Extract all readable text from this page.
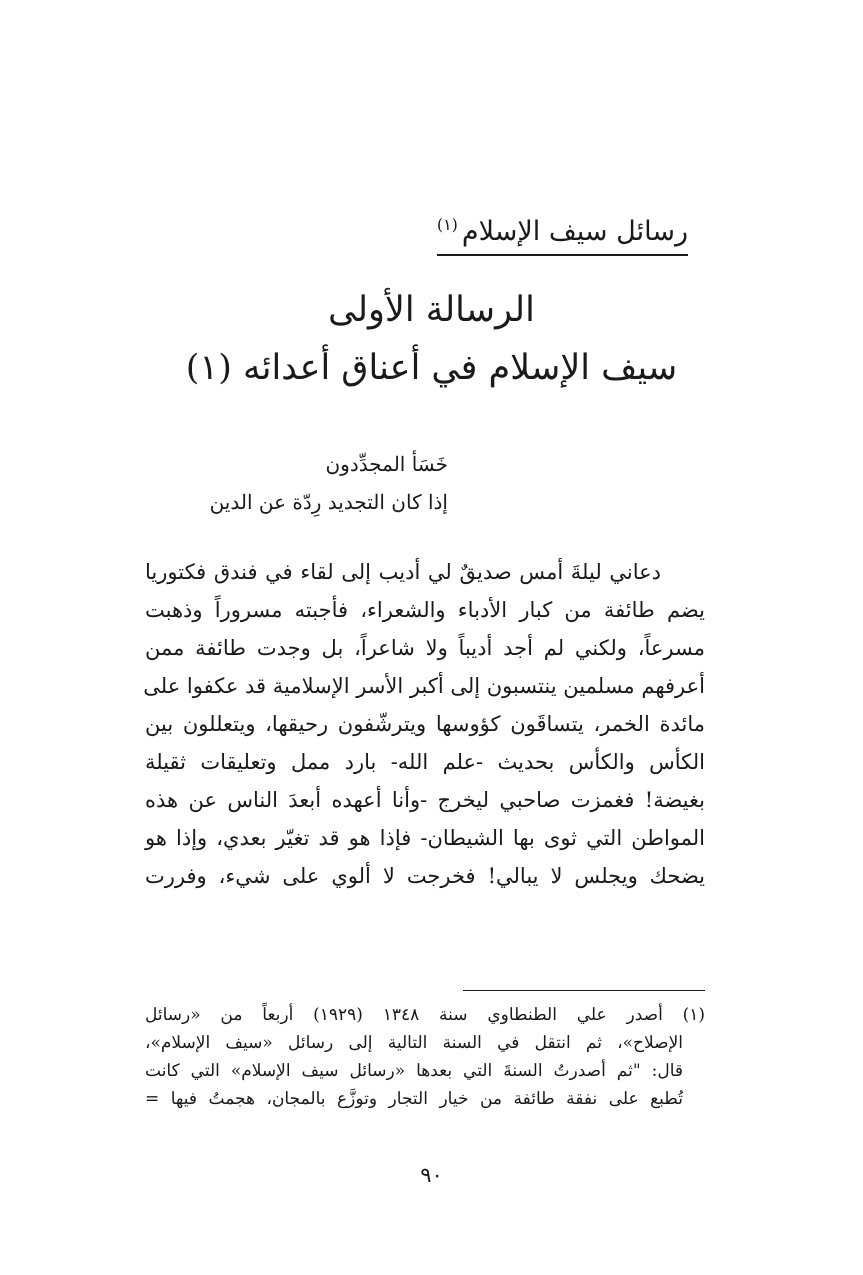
رسائل سيف الإسلام$^{(١)}$
الرسالة الأولى
سيف الإسلام في أعناق أعدائه (١)
خَسَأ المجدِّدون
إذا كان التجديد رِدّة عن الدين
دعاني ليلةَ أمس صديقٌ لي أديب إلى لقاء في فندق فكتوريا
يضم طائفة من كبار الأدباء والشعراء، فأجبته مسروراً وذهبت
مسرعاً، ولكني لم أجد أديباً ولا شاعراً، بل وجدت طائفة ممن
أعرفهم مسلمين ينتسبون إلى أكبر الأسر الإسلامية قد عكفوا على
مائدة الخمر، يتساقَون كؤوسها ويترشّفون رحيقها، ويتعللون بين
الكأس والكأس بحديث -علم الله- بارد ممل وتعليقات ثقيلة
بغيضة! فغمزت صاحبي ليخرج -وأنا أعهده أبعدَ الناس عن هذه
المواطن التي ثوى بها الشيطان- فإذا هو قد تغيّر بعدي، وإذا هو
يضحك ويجلس لا يبالي! فخرجت لا ألوي على شيء، وفررت
(١) أصدر علي الطنطاوي سنة ١٣٤٨ (١٩٢٩) أربعاً من «رسائل
الإصلاح»، ثم انتقل في السنة التالية إلى رسائل «سيف الإسلام»،
قال: "ثم أصدرتُ السنةَ التي بعدها «رسائل سيف الإسلام» التي كانت
تُطبع على نفقة طائفة من خيار التجار وتوزَّع بالمجان، هجمتُ فيها =
٩٠
